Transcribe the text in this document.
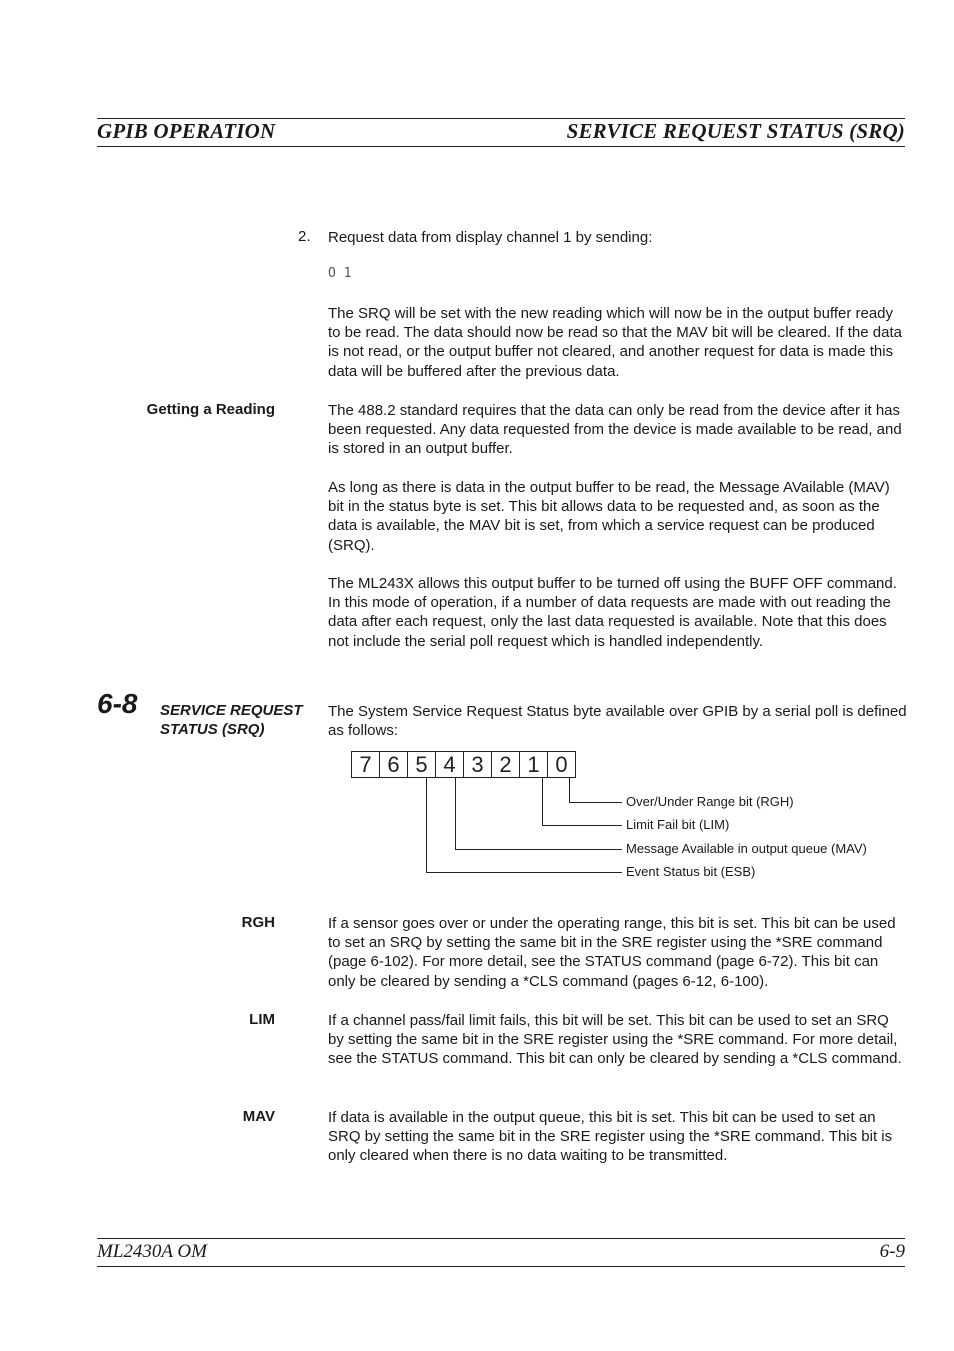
GPIB OPERATION	SERVICE REQUEST STATUS (SRQ)
2. Request data from display channel 1 by sending:

O 1

The SRQ will be set with the new reading which will now be in the output buffer ready to be read. The data should now be read so that the MAV bit will be cleared. If the data is not read, or the output buffer not cleared, and another request for data is made this data will be buffered after the previous data.

Getting a Reading	The 488.2 standard requires that the data can only be read from the device after it has been requested. Any data requested from the device is made available to be read, and is stored in an output buffer.

As long as there is data in the output buffer to be read, the Message AVailable (MAV) bit in the status byte is set. This bit allows data to be requested and, as soon as the data is available, the MAV bit is set, from which a service request can be produced (SRQ).

The ML243X allows this output buffer to be turned off using the BUFF OFF command. In this mode of operation, if a number of data requests are made with out reading the data after each request, only the last data requested is available. Note that this does not include the serial poll request which is handled independently.

6-8 SERVICE REQUEST
STATUS (SRQ)

The System Service Request Status byte available over GPIB by a serial poll is defined as follows:

7 6 5 4 3 2 1 0
Over/Under Range bit (RGH)
Limit Fail bit (LIM)
Message Available in output queue (MAV)
Event Status bit (ESB)
RGH	If a sensor goes over or under the operating range, this bit is set. This bit can be used to set an SRQ by setting the same bit in the SRE register using the *SRE command (page 6-102). For more detail, see the STATUS command (page 6-72). This bit can only be cleared by sending a *CLS command (pages 6-12, 6-100).

LIM	If a channel pass/fail limit fails, this bit will be set. This bit can be used to set an SRQ by setting the same bit in the SRE register using the *SRE command. For more detail, see the STATUS command. This bit can only be cleared by sending a *CLS command.

MAV	If data is available in the output queue, this bit is set. This bit can be used to set an SRQ by setting the same bit in the SRE register using the *SRE command. This bit is only cleared when there is no data waiting to be transmitted.

ML2430A OM	6-9
